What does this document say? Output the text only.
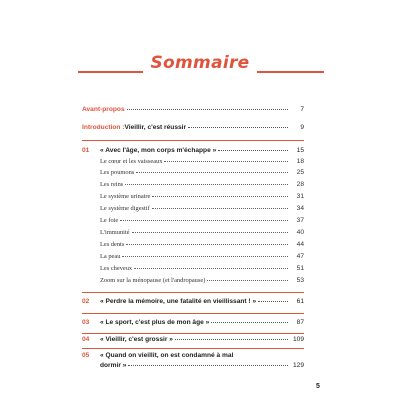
Sommaire
Avant-propos	7
Introduction : Vieillir, c'est réussir	9
01 « Avec l'âge, mon corps m'échappe »	15
Le cœur et les vaisseaux	18
Les poumons	25
Les reins	28
Le système urinaire	31
Le système digestif	34
Le foie	37
L'immunité	40
Les dents	44
La peau	47
Les cheveux	51
Zoom sur la ménopause (et l'andropause)	53
02 « Perdre la mémoire, une fatalité en vieillissant ! »	61
03 « Le sport, c'est plus de mon âge »	87
04 « Vieillir, c'est grossir »	109
05 « Quand on vieillit, on est condamné à mal
dormir »	129
5
